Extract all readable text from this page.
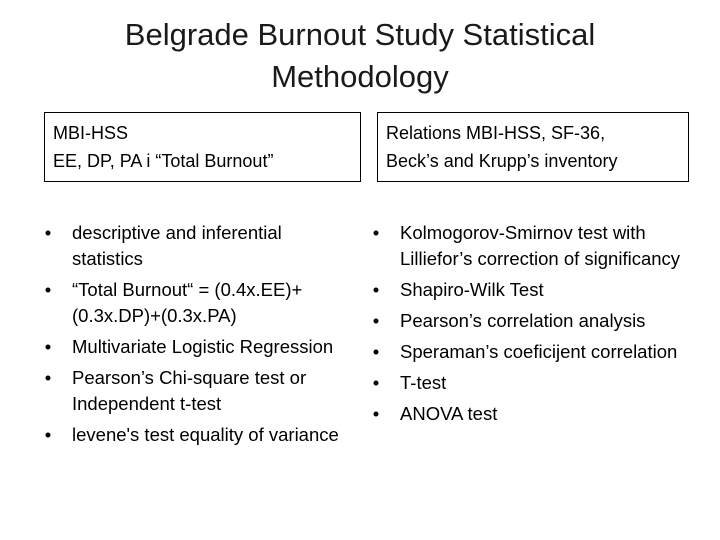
Belgrade Burnout Study Statistical Methodology
MBI-HSS
EE, DP, PA i “Total Burnout”
Relations MBI-HSS, SF-36,
Beck’s and Krupp’s inventory
•	descriptive and inferential statistics
•	“Total Burnout“ = (0.4x.EE)+(0.3x.DP)+(0.3x.PA)
•	Multivariate Logistic Regression
•	Pearson’s Chi-square test or Independent t-test
•	levene's test equality of variance
•	Kolmogorov-Smirnov test with Lilliefor’s correction of significancy
•	Shapiro-Wilk Test
•	Pearson’s correlation analysis
•	Speraman’s coeficijent correlation
•	T-test
•	ANOVA test
